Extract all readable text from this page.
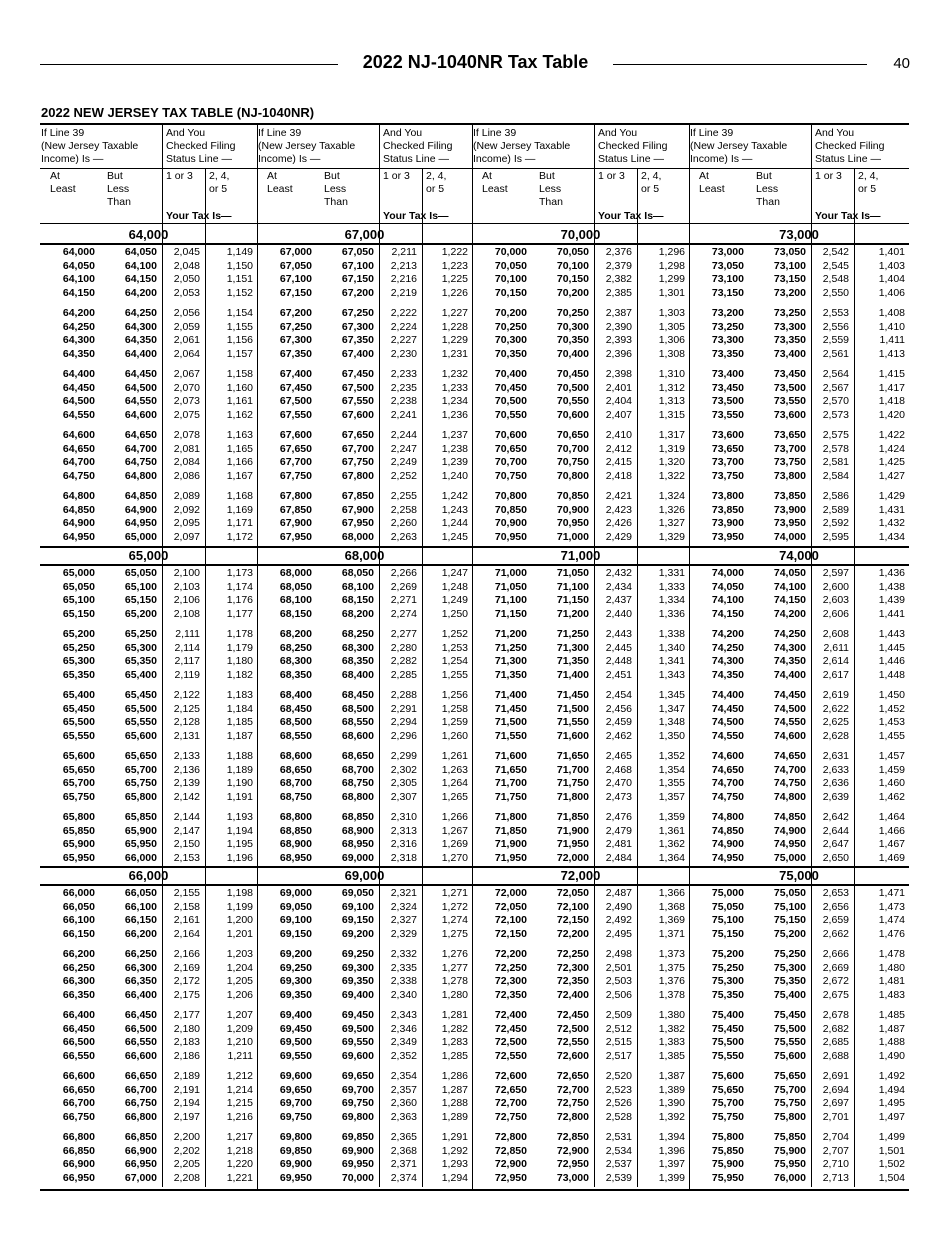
2022 NJ-1040NR Tax Table	40
2022 NEW JERSEY TAX TABLE (NJ-1040NR)
If Line 39
(New Jersey Taxable
Income) Is —
And You
Checked Filing
Status Line —
At
Least
But
Less
Than
1 or 3 2, 4,
or 5
Your Tax Is—
64,000
64,000	64,050	2,045	1,149
64,050	64,100	2,048	1,150
64,100	64,150	2,050	1,151
64,150	64,200	2,053	1,152
64,200	64,250	2,056	1,154
64,250	64,300	2,059	1,155
64,300	64,350	2,061	1,156
64,350	64,400	2,064	1,157
64,400	64,450	2,067	1,158
64,450	64,500	2,070	1,160
64,500	64,550	2,073	1,161
64,550	64,600	2,075	1,162
64,600	64,650	2,078	1,163
64,650	64,700	2,081	1,165
64,700	64,750	2,084	1,166
64,750	64,800	2,086	1,167
64,800	64,850	2,089	1,168
64,850	64,900	2,092	1,169
64,900	64,950	2,095	1,171
64,950	65,000	2,097	1,172
65,000
65,000	65,050	2,100	1,173
65,050	65,100	2,103	1,174
65,100	65,150	2,106	1,176
65,150	65,200	2,108	1,177
65,200	65,250	2,111	1,178
65,250	65,300	2,114	1,179
65,300	65,350	2,117	1,180
65,350	65,400	2,119	1,182
65,400	65,450	2,122	1,183
65,450	65,500	2,125	1,184
65,500	65,550	2,128	1,185
65,550	65,600	2,131	1,187
65,600	65,650	2,133	1,188
65,650	65,700	2,136	1,189
65,700	65,750	2,139	1,190
65,750	65,800	2,142	1,191
65,800	65,850	2,144	1,193
65,850	65,900	2,147	1,194
65,900	65,950	2,150	1,195
65,950	66,000	2,153	1,196
66,000
66,000	66,050	2,155	1,198
66,050	66,100	2,158	1,199
66,100	66,150	2,161	1,200
66,150	66,200	2,164	1,201
66,200	66,250	2,166	1,203
66,250	66,300	2,169	1,204
66,300	66,350	2,172	1,205
66,350	66,400	2,175	1,206
66,400	66,450	2,177	1,207
66,450	66,500	2,180	1,209
66,500	66,550	2,183	1,210
66,550	66,600	2,186	1,211
66,600	66,650	2,189	1,212
66,650	66,700	2,191	1,214
66,700	66,750	2,194	1,215
66,750	66,800	2,197	1,216
66,800	66,850	2,200	1,217
66,850	66,900	2,202	1,218
66,900	66,950	2,205	1,220
66,950	67,000	2,208	1,221
If Line 39
(New Jersey Taxable
Income) Is —
And You
Checked Filing
Status Line —
At
Least
But
Less
Than
1 or 3 2, 4,
or 5
Your Tax Is—
67,000
67,000	67,050	2,211	1,222
67,050	67,100	2,213	1,223
67,100	67,150	2,216	1,225
67,150	67,200	2,219	1,226
67,200	67,250	2,222	1,227
67,250	67,300	2,224	1,228
67,300	67,350	2,227	1,229
67,350	67,400	2,230	1,231
67,400	67,450	2,233	1,232
67,450	67,500	2,235	1,233
67,500	67,550	2,238	1,234
67,550	67,600	2,241	1,236
67,600	67,650	2,244	1,237
67,650	67,700	2,247	1,238
67,700	67,750	2,249	1,239
67,750	67,800	2,252	1,240
67,800	67,850	2,255	1,242
67,850	67,900	2,258	1,243
67,900	67,950	2,260	1,244
67,950	68,000	2,263	1,245
68,000
68,000	68,050	2,266	1,247
68,050	68,100	2,269	1,248
68,100	68,150	2,271	1,249
68,150	68,200	2,274	1,250
68,200	68,250	2,277	1,252
68,250	68,300	2,280	1,253
68,300	68,350	2,282	1,254
68,350	68,400	2,285	1,255
68,400	68,450	2,288	1,256
68,450	68,500	2,291	1,258
68,500	68,550	2,294	1,259
68,550	68,600	2,296	1,260
68,600	68,650	2,299	1,261
68,650	68,700	2,302	1,263
68,700	68,750	2,305	1,264
68,750	68,800	2,307	1,265
68,800	68,850	2,310	1,266
68,850	68,900	2,313	1,267
68,900	68,950	2,316	1,269
68,950	69,000	2,318	1,270
69,000
69,000	69,050	2,321	1,271
69,050	69,100	2,324	1,272
69,100	69,150	2,327	1,274
69,150	69,200	2,329	1,275
69,200	69,250	2,332	1,276
69,250	69,300	2,335	1,277
69,300	69,350	2,338	1,278
69,350	69,400	2,340	1,280
69,400	69,450	2,343	1,281
69,450	69,500	2,346	1,282
69,500	69,550	2,349	1,283
69,550	69,600	2,352	1,285
69,600	69,650	2,354	1,286
69,650	69,700	2,357	1,287
69,700	69,750	2,360	1,288
69,750	69,800	2,363	1,289
69,800	69,850	2,365	1,291
69,850	69,900	2,368	1,292
69,900	69,950	2,371	1,293
69,950	70,000	2,374	1,294
If Line 39
(New Jersey Taxable
Income) Is —
And You
Checked Filing
Status Line —
At
Least
But
Less
Than
1 or 3 2, 4,
or 5
Your Tax Is—
70,000
70,000	70,050	2,376	1,296
70,050	70,100	2,379	1,298
70,100	70,150	2,382	1,299
70,150	70,200	2,385	1,301
70,200	70,250	2,387	1,303
70,250	70,300	2,390	1,305
70,300	70,350	2,393	1,306
70,350	70,400	2,396	1,308
70,400	70,450	2,398	1,310
70,450	70,500	2,401	1,312
70,500	70,550	2,404	1,313
70,550	70,600	2,407	1,315
70,600	70,650	2,410	1,317
70,650	70,700	2,412	1,319
70,700	70,750	2,415	1,320
70,750	70,800	2,418	1,322
70,800	70,850	2,421	1,324
70,850	70,900	2,423	1,326
70,900	70,950	2,426	1,327
70,950	71,000	2,429	1,329
71,000
71,000	71,050	2,432	1,331
71,050	71,100	2,434	1,333
71,100	71,150	2,437	1,334
71,150	71,200	2,440	1,336
71,200	71,250	2,443	1,338
71,250	71,300	2,445	1,340
71,300	71,350	2,448	1,341
71,350	71,400	2,451	1,343
71,400	71,450	2,454	1,345
71,450	71,500	2,456	1,347
71,500	71,550	2,459	1,348
71,550	71,600	2,462	1,350
71,600	71,650	2,465	1,352
71,650	71,700	2,468	1,354
71,700	71,750	2,470	1,355
71,750	71,800	2,473	1,357
71,800	71,850	2,476	1,359
71,850	71,900	2,479	1,361
71,900	71,950	2,481	1,362
71,950	72,000	2,484	1,364
72,000
72,000	72,050	2,487	1,366
72,050	72,100	2,490	1,368
72,100	72,150	2,492	1,369
72,150	72,200	2,495	1,371
72,200	72,250	2,498	1,373
72,250	72,300	2,501	1,375
72,300	72,350	2,503	1,376
72,350	72,400	2,506	1,378
72,400	72,450	2,509	1,380
72,450	72,500	2,512	1,382
72,500	72,550	2,515	1,383
72,550	72,600	2,517	1,385
72,600	72,650	2,520	1,387
72,650	72,700	2,523	1,389
72,700	72,750	2,526	1,390
72,750	72,800	2,528	1,392
72,800	72,850	2,531	1,394
72,850	72,900	2,534	1,396
72,900	72,950	2,537	1,397
72,950	73,000	2,539	1,399
If Line 39
(New Jersey Taxable
Income) Is —
And You
Checked Filing
Status Line —
At
Least
But
Less
Than
1 or 3 2, 4,
or 5
Your Tax Is—
73,000
73,000	73,050	2,542	1,401
73,050	73,100	2,545	1,403
73,100	73,150	2,548	1,404
73,150	73,200	2,550	1,406
73,200	73,250	2,553	1,408
73,250	73,300	2,556	1,410
73,300	73,350	2,559	1,411
73,350	73,400	2,561	1,413
73,400	73,450	2,564	1,415
73,450	73,500	2,567	1,417
73,500	73,550	2,570	1,418
73,550	73,600	2,573	1,420
73,600	73,650	2,575	1,422
73,650	73,700	2,578	1,424
73,700	73,750	2,581	1,425
73,750	73,800	2,584	1,427
73,800	73,850	2,586	1,429
73,850	73,900	2,589	1,431
73,900	73,950	2,592	1,432
73,950	74,000	2,595	1,434
74,000
74,000	74,050	2,597	1,436
74,050	74,100	2,600	1,438
74,100	74,150	2,603	1,439
74,150	74,200	2,606	1,441
74,200	74,250	2,608	1,443
74,250	74,300	2,611	1,445
74,300	74,350	2,614	1,446
74,350	74,400	2,617	1,448
74,400	74,450	2,619	1,450
74,450	74,500	2,622	1,452
74,500	74,550	2,625	1,453
74,550	74,600	2,628	1,455
74,600	74,650	2,631	1,457
74,650	74,700	2,633	1,459
74,700	74,750	2,636	1,460
74,750	74,800	2,639	1,462
74,800	74,850	2,642	1,464
74,850	74,900	2,644	1,466
74,900	74,950	2,647	1,467
74,950	75,000	2,650	1,469
75,000
75,000	75,050	2,653	1,471
75,050	75,100	2,656	1,473
75,100	75,150	2,659	1,474
75,150	75,200	2,662	1,476
75,200	75,250	2,666	1,478
75,250	75,300	2,669	1,480
75,300	75,350	2,672	1,481
75,350	75,400	2,675	1,483
75,400	75,450	2,678	1,485
75,450	75,500	2,682	1,487
75,500	75,550	2,685	1,488
75,550	75,600	2,688	1,490
75,600	75,650	2,691	1,492
75,650	75,700	2,694	1,494
75,700	75,750	2,697	1,495
75,750	75,800	2,701	1,497
75,800	75,850	2,704	1,499
75,850	75,900	2,707	1,501
75,900	75,950	2,710	1,502
75,950	76,000	2,713	1,504
